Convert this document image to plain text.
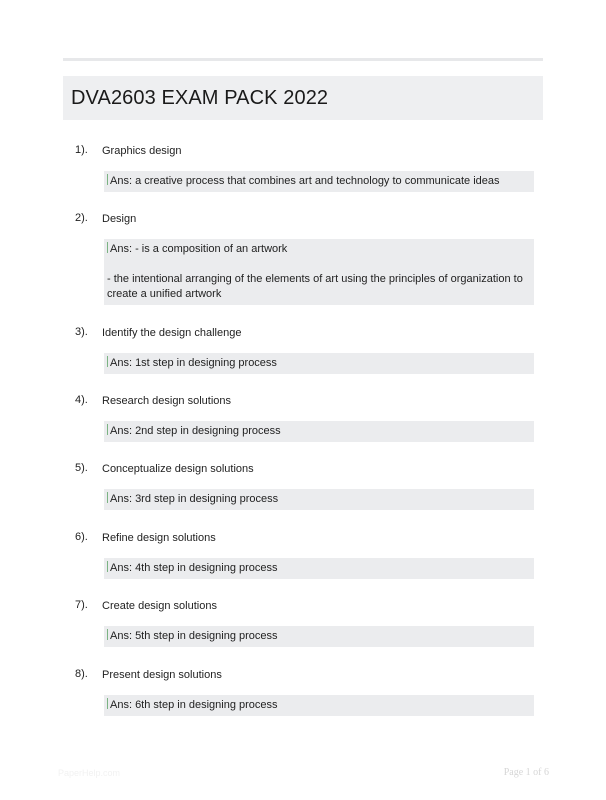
DVA2603 EXAM PACK 2022
1). Graphics design

Ans: a creative process that combines art and technology to communicate ideas

2). Design

Ans: - is a composition of an artwork

- the intentional arranging of the elements of art using the principles of organization to create a unified artwork

3). Identify the design challenge

Ans: 1st step in designing process

4). Research design solutions

Ans: 2nd step in designing process

5). Conceptualize design solutions

Ans: 3rd step in designing process

6). Refine design solutions

Ans: 4th step in designing process

7). Create design solutions

Ans: 5th step in designing process

8). Present design solutions

Ans: 6th step in designing process

PaperHelp.com	Page 1 of 6
